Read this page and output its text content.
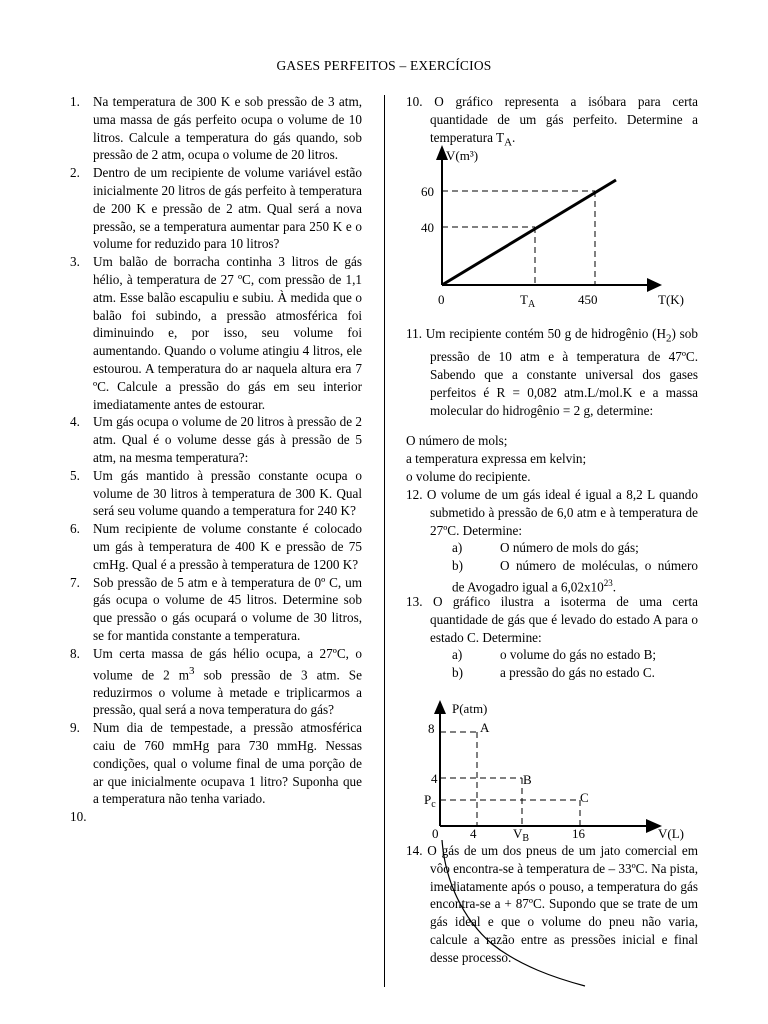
GASES PERFEITOS – EXERCÍCIOS
1. Na temperatura de 300 K e sob pressão de 3 atm, uma massa de gás perfeito ocupa o volume de 10 litros. Calcule a temperatura do gás quando, sob pressão de 2 atm, ocupa o volume de 20 litros.
2. Dentro de um recipiente de volume variável estão inicialmente 20 litros de gás perfeito à temperatura de 200 K e pressão de 2 atm. Qual será a nova pressão, se a temperatura aumentar para 250 K e o volume for reduzido para 10 litros?
3. Um balão de borracha continha 3 litros de gás hélio, à temperatura de 27 ºC, com pressão de 1,1 atm. Esse balão escapuliu e subiu. À medida que o balão foi subindo, a pressão atmosférica foi diminuindo e, por isso, seu volume foi aumentando. Quando o volume atingiu 4 litros, ele estourou. A temperatura do ar naquela altura era 7 ºC. Calcule a pressão do gás em seu interior imediatamente antes de estourar.
4. Um gás ocupa o volume de 20 litros à pressão de 2 atm. Qual é o volume desse gás à pressão de 5 atm, na mesma temperatura?:
5. Um gás mantido à pressão constante ocupa o volume de 30 litros à temperatura de 300 K. Qual será seu volume quando a temperatura for 240 K?
6. Num recipiente de volume constante é colocado um gás à temperatura de 400 K e pressão de 75 cmHg. Qual é a pressão à temperatura de 1200 K?
7. Sob pressão de 5 atm e à temperatura de 0º C, um gás ocupa o volume de 45 litros. Determine sob que pressão o gás ocupará o volume de 30 litros, se for mantida constante a temperatura.
8. Um certa massa de gás hélio ocupa, a 27ºC, o volume de 2 $m^3$ sob pressão de 3 atm. Se reduzirmos o volume à metade e triplicarmos a pressão, qual será a nova temperatura do gás?
9. Num dia de tempestade, a pressão atmosférica caiu de 760 mmHg para 730 mmHg. Nessas condições, qual o volume final de uma porção de ar que inicialmente ocupava 1 litro? Suponha que a temperatura não tenha variado.
10.

10. O gráfico representa a isóbara para certa quantidade de um gás perfeito. Determine a temperatura $T_A$.
V(m³)
60
40
0	$T_A$	450	T(K)
11. Um recipiente contém 50 g de hidrogênio $(H_2)$ sob pressão de 10 atm e à temperatura de 47ºC. Sabendo que a constante universal dos gases perfeitos é R = 0,082 atm.L/mol.K e a massa molecular do hidrogênio = 2 g, determine:
O número de mols;
a temperatura expressa em kelvin;
o volume do recipiente.
12. O volume de um gás ideal é igual a 8,2 L quando submetido à pressão de 6,0 atm e à temperatura de 27ºC. Determine:
a)	O número de mols do gás;
b)	O número de moléculas, o número de Avogadro igual a $6,02x10^{23}$.
13. O gráfico ilustra a isoterma de uma certa quantidade de gás que é levado do estado A para o estado C. Determine:
a)	o volume do gás no estado B;
b)	a pressão do gás no estado C.
P(atm)
8
4
$P_c$
A
B
C
0 4	$V_B$	16	V(L)
14. O gás de um dos pneus de um jato comercial em vôo encontra-se à temperatura de – 33ºC. Na pista, imediatamente após o pouso, a temperatura do gás encontra-se a + 87ºC. Supondo que se trate de um gás ideal e que o volume do pneu não varia, calcule a razão entre as pressões inicial e final desse processo.
